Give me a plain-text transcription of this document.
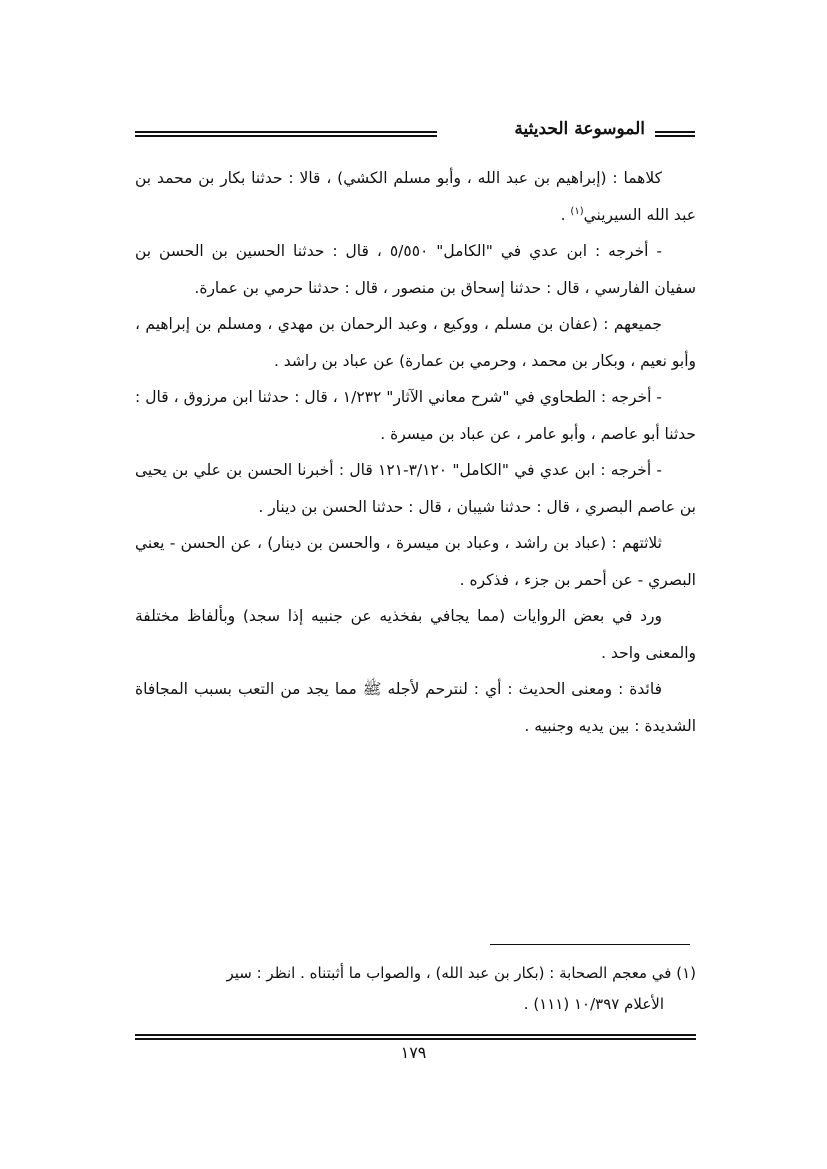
الموسوعة الحديثية

كلاهما : (إبراهيم بن عبد الله ، وأبو مسلم الكشي) ، قالا : حدثنا بكار بن محمد بن عبد الله السيريني$^{(١)}$ .

- أخرجه : ابن عدي في "الكامل" ٥/٥٥٠ ، قال : حدثنا الحسين بن الحسن بن سفيان الفارسي ، قال : حدثنا إسحاق بن منصور ، قال : حدثنا حرمي بن عمارة.

جميعهم : (عفان بن مسلم ، ووكيع ، وعبد الرحمان بن مهدي ، ومسلم بن إبراهيم ، وأبو نعيم ، وبكار بن محمد ، وحرمي بن عمارة) عن عباد بن راشد .

- أخرجه : الطحاوي في "شرح معاني الآثار" ١/٢٣٢ ، قال : حدثنا ابن مرزوق ، قال : حدثنا أبو عاصم ، وأبو عامر ، عن عباد بن ميسرة .

- أخرجه : ابن عدي في "الكامل" ٣/١٢٠-١٢١ قال : أخبرنا الحسن بن علي بن يحيى بن عاصم البصري ، قال : حدثنا شيبان ، قال : حدثنا الحسن بن دينار .

ثلاثتهم : (عباد بن راشد ، وعباد بن ميسرة ، والحسن بن دينار) ، عن الحسن - يعني البصري - عن أحمر بن جزء ، فذكره .

ورد في بعض الروايات (مما يجافي بفخذيه عن جنبيه إذا سجد) وبألفاظ مختلفة والمعنى واحد .

فائدة : ومعنى الحديث : أي : لنترحم لأجله ﷺ مما يجد من التعب بسبب المجافاة الشديدة : بين يديه وجنبيه .

(١) في معجم الصحابة : (بكار بن عبد الله) ، والصواب ما أثبتناه . انظر : سير

الأعلام ١٠/٣٩٧ (١١١) .

١٧٩
